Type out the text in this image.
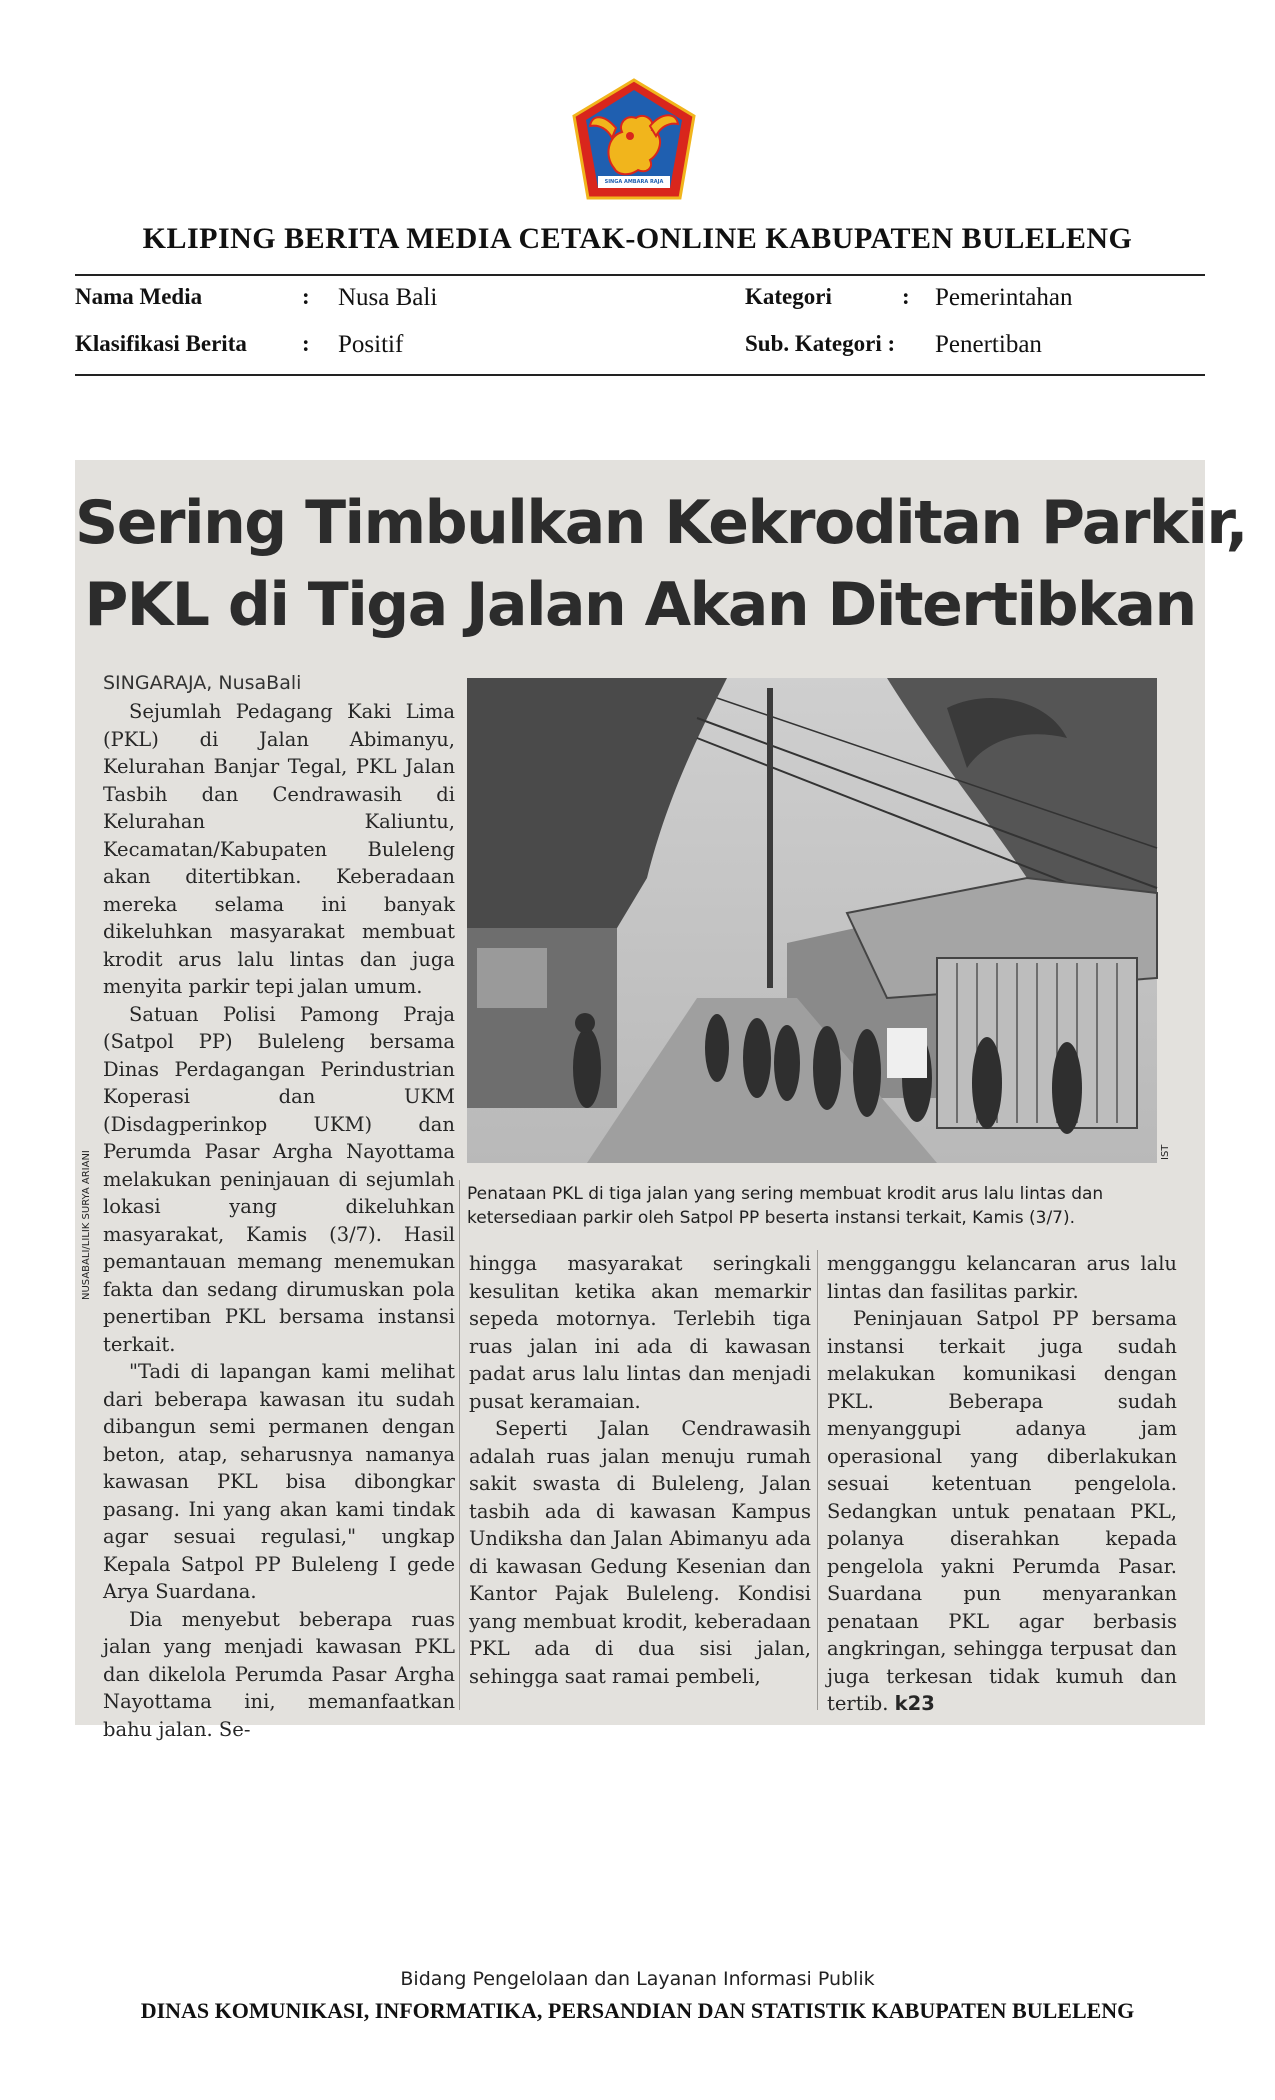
SINGA AMBARA RAJA
KLIPING BERITA MEDIA CETAK-ONLINE KABUPATEN BULELENG
Nama Media	: Nusa Bali	Kategori	: Pemerintahan
Klasifikasi Berita : Positif	Sub. Kategori : Penertiban
Sering Timbulkan Kekroditan Parkir,
PKL di Tiga Jalan Akan Ditertibkan
SINGARAJA, NusaBali
NUSABALI/LILIK SURYA ARIANI

Sejumlah Pedagang Kaki Lima (PKL) di Jalan Abimanyu, Kelurahan Banjar Tegal, PKL Jalan Tasbih dan Cendrawasih di Kelurahan Kaliuntu, Kecamatan/Kabupaten Buleleng akan ditertibkan. Keberadaan mereka selama ini banyak dikeluhkan masyarakat membuat krodit arus lalu lintas dan juga menyita parkir tepi jalan umum.

Satuan Polisi Pamong Praja (Satpol PP) Buleleng bersama Dinas Perdagangan Perindustrian Koperasi dan UKM (Disdagperinkop UKM) dan Perumda Pasar Argha Nayottama melakukan peninjauan di sejumlah lokasi yang dikeluhkan masyarakat, Kamis (3/7). Hasil pemantauan memang menemukan fakta dan sedang dirumuskan pola penertiban PKL bersama instansi terkait.

"Tadi di lapangan kami melihat dari beberapa kawasan itu sudah dibangun semi permanen dengan beton, atap, seharusnya namanya kawasan PKL bisa dibongkar pasang. Ini yang akan kami tindak agar sesuai regulasi," ungkap Kepala Satpol PP Buleleng I gede Arya Suardana.

Dia menyebut beberapa ruas jalan yang menjadi kawasan PKL dan dikelola Perumda Pasar Argha Nayottama ini, memanfaatkan bahu jalan. Se-

IST
Penataan PKL di tiga jalan yang sering membuat krodit arus lalu lintas dan ketersediaan parkir oleh Satpol PP beserta instansi terkait, Kamis (3/7).

hingga masyarakat seringkali kesulitan ketika akan memarkir sepeda motornya. Terlebih tiga ruas jalan ini ada di kawasan padat arus lalu lintas dan menjadi pusat keramaian.

Seperti Jalan Cendrawasih adalah ruas jalan menuju rumah sakit swasta di Buleleng, Jalan tasbih ada di kawasan Kampus Undiksha dan Jalan Abimanyu ada di kawasan Gedung Kesenian dan Kantor Pajak Buleleng. Kondisi yang membuat krodit, keberadaan PKL ada di dua sisi jalan, sehingga saat ramai pembeli,

mengganggu kelancaran arus lalu lintas dan fasilitas parkir.

Peninjauan Satpol PP bersama instansi terkait juga sudah melakukan komunikasi dengan PKL. Beberapa sudah menyanggupi adanya jam operasional yang diberlakukan sesuai ketentuan pengelola. Sedangkan untuk penataan PKL, polanya diserahkan kepada pengelola yakni Perumda Pasar. Suardana pun menyarankan penataan PKL agar berbasis angkringan, sehingga terpusat dan juga terkesan tidak kumuh dan tertib. k23

Bidang Pengelolaan dan Layanan Informasi Publik
DINAS KOMUNIKASI, INFORMATIKA, PERSANDIAN DAN STATISTIK KABUPATEN BULELENG
